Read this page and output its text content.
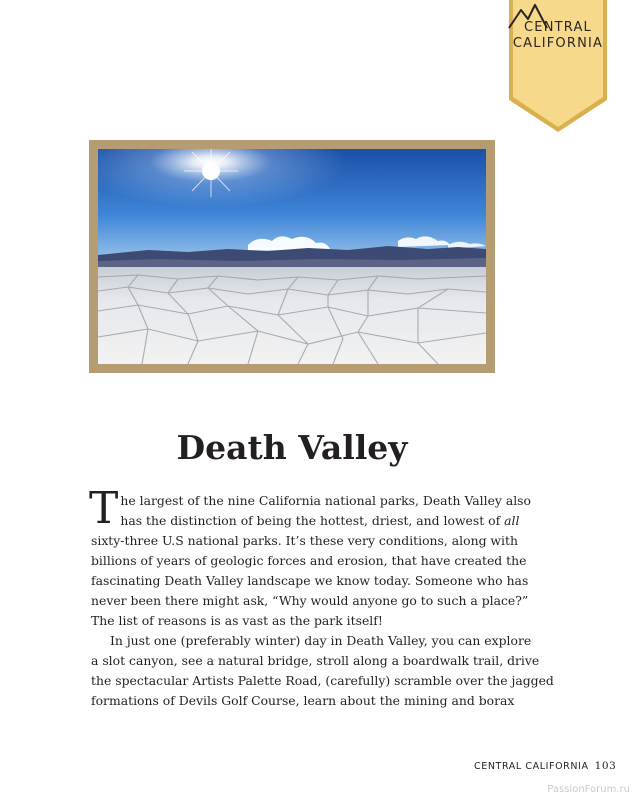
CENTRAL
CALIFORNIA
Death Valley
T he largest of the nine California national parks, Death Valley also
has the distinction of being the hottest, driest, and lowest of all
sixty-three U.S national parks. It’s these very conditions, along with
billions of years of geologic forces and erosion, that have created the
fascinating Death Valley landscape we know today. Someone who has
never been there might ask, “Why would anyone go to such a place?”
The list of reasons is as vast as the park itself!
In just one (preferably winter) day in Death Valley, you can explore
a slot canyon, see a natural bridge, stroll along a boardwalk trail, drive
the spectacular Artists Palette Road, (carefully) scramble over the jagged
formations of Devils Golf Course, learn about the mining and borax
CENTRAL CALIFORNIA 103
PassionForum.ru
